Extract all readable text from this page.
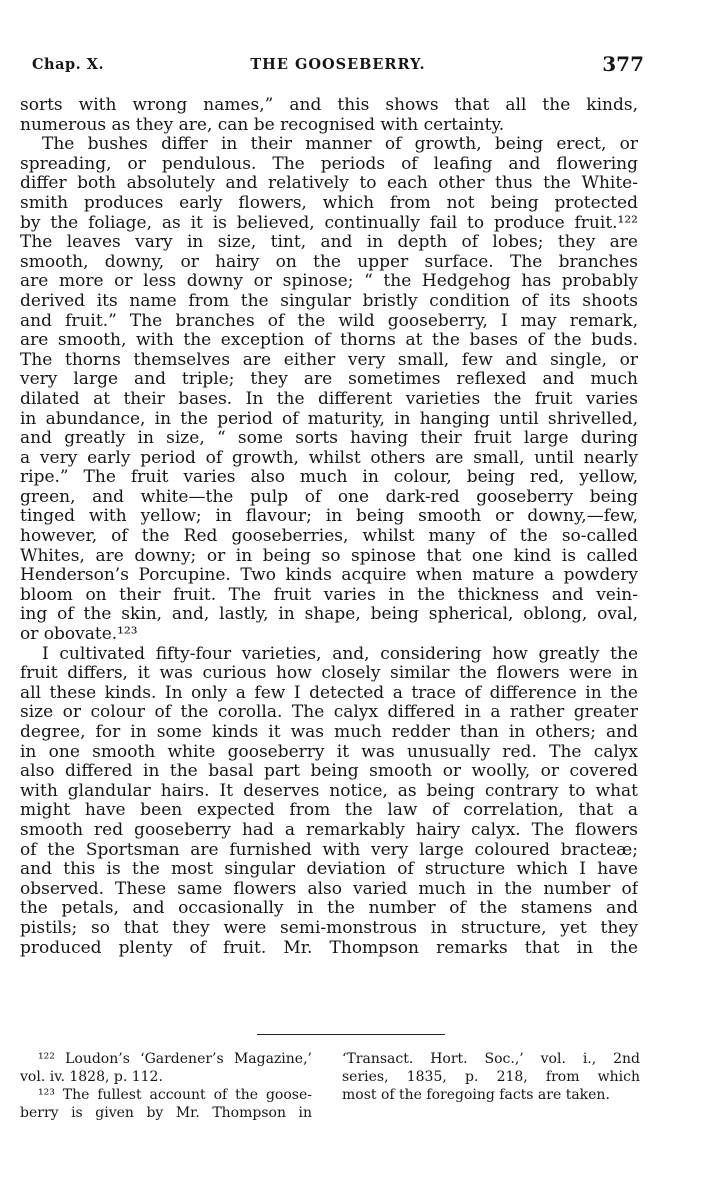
Chap. X.	THE GOOSEBERRY.	377
sorts with wrong names,” and this shows that all the kinds,
numerous as they are, can be recognised with certainty.
The bushes differ in their manner of growth, being erect, or
spreading, or pendulous. The periods of leafing and flowering
differ both absolutely and relatively to each other thus the White-
smith produces early flowers, which from not being protected
by the foliage, as it is believed, continually fail to produce fruit.¹²²
The leaves vary in size, tint, and in depth of lobes; they are
smooth, downy, or hairy on the upper surface. The branches
are more or less downy or spinose; “ the Hedgehog has probably
derived its name from the singular bristly condition of its shoots
and fruit.” The branches of the wild gooseberry, I may remark,
are smooth, with the exception of thorns at the bases of the buds.
The thorns themselves are either very small, few and single, or
very large and triple; they are sometimes reflexed and much
dilated at their bases. In the different varieties the fruit varies
in abundance, in the period of maturity, in hanging until shrivelled,
and greatly in size, “ some sorts having their fruit large during
a very early period of growth, whilst others are small, until nearly
ripe.” The fruit varies also much in colour, being red, yellow,
green, and white—the pulp of one dark-red gooseberry being
tinged with yellow; in flavour; in being smooth or downy,—few,
however, of the Red gooseberries, whilst many of the so-called
Whites, are downy; or in being so spinose that one kind is called
Henderson’s Porcupine. Two kinds acquire when mature a powdery
bloom on their fruit. The fruit varies in the thickness and vein-
ing of the skin, and, lastly, in shape, being spherical, oblong, oval,
or obovate.¹²³
I cultivated fifty-four varieties, and, considering how greatly the
fruit differs, it was curious how closely similar the flowers were in
all these kinds. In only a few I detected a trace of difference in the
size or colour of the corolla. The calyx differed in a rather greater
degree, for in some kinds it was much redder than in others; and
in one smooth white gooseberry it was unusually red. The calyx
also differed in the basal part being smooth or woolly, or covered
with glandular hairs. It deserves notice, as being contrary to what
might have been expected from the law of correlation, that a
smooth red gooseberry had a remarkably hairy calyx. The flowers
of the Sportsman are furnished with very large coloured bracteæ;
and this is the most singular deviation of structure which I have
observed. These same flowers also varied much in the number of
the petals, and occasionally in the number of the stamens and
pistils; so that they were semi-monstrous in structure, yet they
produced plenty of fruit. Mr. Thompson remarks that in the
¹²² Loudon’s ‘Gardener’s Magazine,’
vol. iv. 1828, p. 112.
¹²³ The fullest account of the goose-
berry is given by Mr. Thompson in
‘Transact. Hort. Soc.,’ vol. i., 2nd
series, 1835, p. 218, from which
most of the foregoing facts are taken.
